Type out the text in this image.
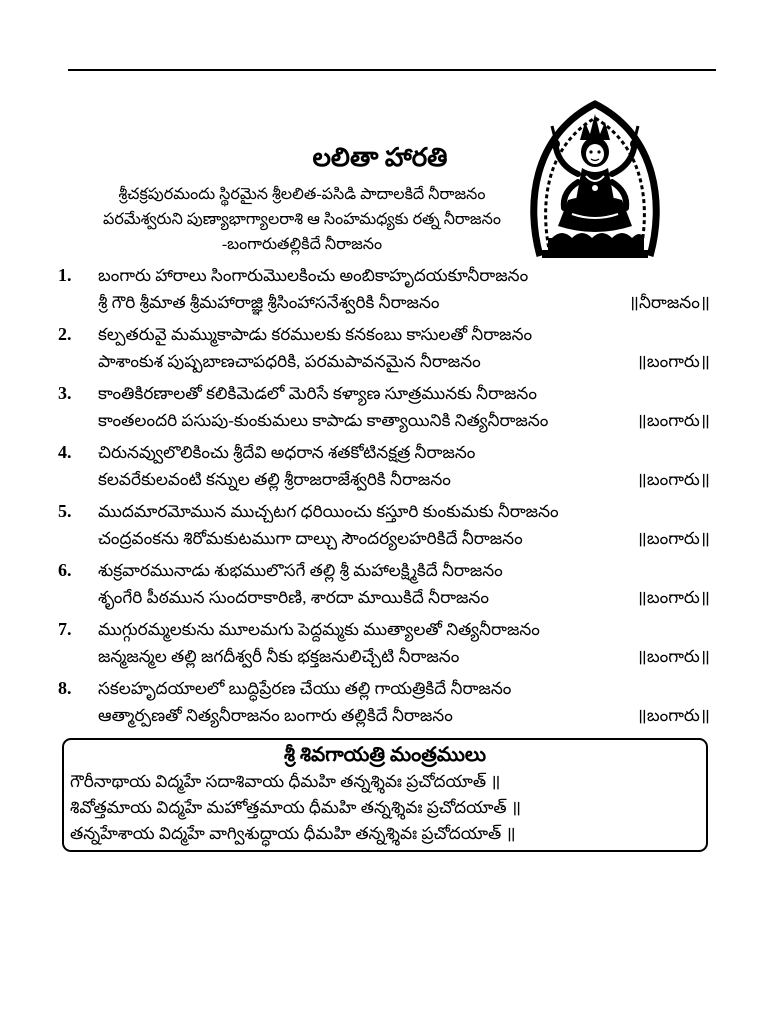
లలితా హారతి
శ్రీచక్రపురమందు స్థిరమైన శ్రీలలిత-పసిడి పాదాలకిదే నీరాజనం
పరమేశ్వరుని పుణ్యాభాగ్యాలరాశి ఆ సింహమధ్యకు రత్న నీరాజనం
-బంగారుతల్లికిదే నీరాజనం
1.	బంగారు హారాలు సింగారుమొలకించు అంబికాహృదయకూనీరాజనం
శ్రీ గౌరి శ్రీమాత శ్రీమహారాజ్ఞి శ్రీసింహాసనేశ్వరికి నీరాజనం	॥నీరాజనం॥
2.	కల్పతరువై మమ్ముకాపాడు కరములకు కనకంబు కాసులతో నీరాజనం
పాశాంకుశ పుష్పబాణచాపధరికి, పరమపావనమైన నీరాజనం	॥బంగారు॥
3.	కాంతికిరణాలతో కలికిమెడలో మెరిసే కళ్యాణ సూత్రమునకు నీరాజనం
కాంతలందరి పసుపు-కుంకుమలు కాపాడు కాత్యాయినికి నిత్యనీరాజనం	॥బంగారు॥
4.	చిరునవ్వులొలికించు శ్రీదేవి అధరాన శతకోటినక్షత్ర నీరాజనం
కలవరేకులవంటి కన్నుల తల్లి శ్రీరాజరాజేశ్వరికి నీరాజనం	॥బంగారు॥
5.	ముదమారమోమున ముచ్చటగ ధరియించు కస్తూరి కుంకుమకు నీరాజనం
చంద్రవంకను శిరోమకుటముగా దాల్చు సౌందర్యలహరికిదే నీరాజనం	॥బంగారు॥
6.	శుక్రవారమునాడు శుభములొసగే తల్లి శ్రీ మహాలక్ష్మికిదే నీరాజనం
శృంగేరి పీఠమున సుందరాకారిణి, శారదా మాయికిదే నీరాజనం	॥బంగారు॥
7.	ముగ్గురమ్మలకును మూలమగు పెద్దమ్మకు ముత్యాలతో నిత్యనీరాజనం
జన్మజన్మల తల్లి జగదీశ్వరీ నీకు భక్తజనులిచ్చేటి నీరాజనం	॥బంగారు॥
8.	సకలహృదయాలలో బుద్ధిప్రేరణ చేయు తల్లి గాయత్రికిదే నీరాజనం
ఆత్మార్పణతో నిత్యనీరాజనం బంగారు తల్లికిదే నీరాజనం	॥బంగారు॥
శ్రీ శివగాయత్రి మంత్రములు
గౌరీనాథాయ విద్మహే సదాశివాయ ధీమహి తన్నశ్శివః ప్రచోదయాత్ ॥
శివోత్తమాయ విద్మహే మహోత్తమాయ ధీమహి తన్నశ్శివః ప్రచోదయాత్ ॥
తన్నహేశాయ విద్మహే వాగ్విశుద్ధాయ ధీమహి తన్నశ్శివః ప్రచోదయాత్ ॥
